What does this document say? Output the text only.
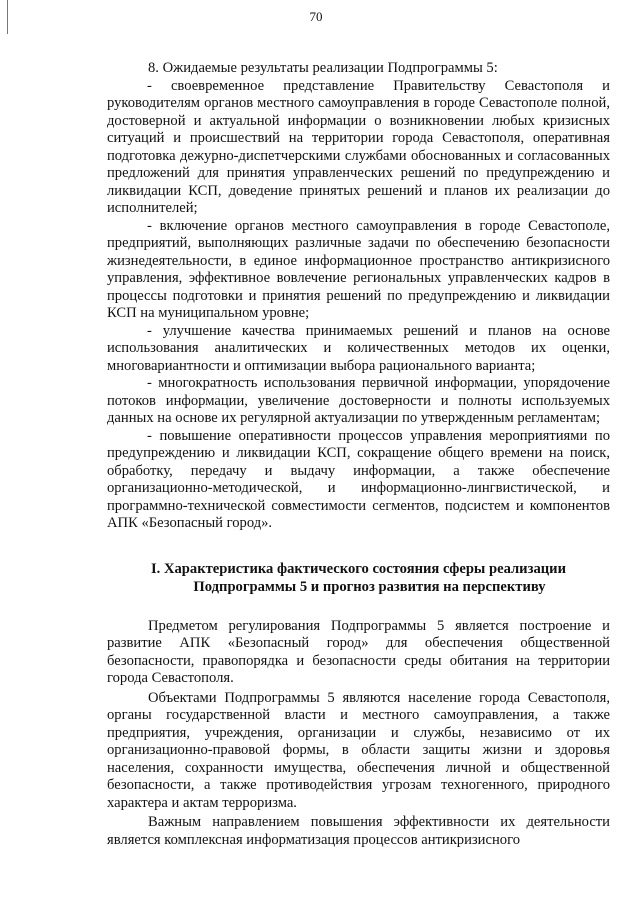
70

8. Ожидаемые результаты реализации Подпрограммы 5:

- своевременное представление Правительству Севастополя и руководителям органов местного самоуправления в городе Севастополе полной, достоверной и актуальной информации о возникновении любых кризисных ситуаций и происшествий на территории города Севастополя, оперативная подготовка дежурно-диспетчерскими службами обоснованных и согласованных предложений для принятия управленческих решений по предупреждению и ликвидации КСП, доведение принятых решений и планов их реализации до исполнителей;

- включение органов местного самоуправления в городе Севастополе, предприятий, выполняющих различные задачи по обеспечению безопасности жизнедеятельности, в единое информационное пространство антикризисного управления, эффективное вовлечение региональных управленческих кадров в процессы подготовки и принятия решений по предупреждению и ликвидации КСП на муниципальном уровне;

- улучшение качества принимаемых решений и планов на основе использования аналитических и количественных методов их оценки, многовариантности и оптимизации выбора рационального варианта;

- многократность использования первичной информации, упорядочение потоков информации, увеличение достоверности и полноты используемых данных на основе их регулярной актуализации по утвержденным регламентам;

- повышение оперативности процессов управления мероприятиями по предупреждению и ликвидации КСП, сокращение общего времени на поиск, обработку, передачу и выдачу информации, а также обеспечение организационно-методической, и информационно-лингвистической, и программно-технической совместимости сегментов, подсистем и компонентов АПК «Безопасный город».

I. Характеристика фактического состояния сферы реализации
Подпрограммы 5 и прогноз развития на перспективу

Предметом регулирования Подпрограммы 5 является построение и развитие АПК «Безопасный город» для обеспечения общественной безопасности, правопорядка и безопасности среды обитания на территории города Севастополя.

Объектами Подпрограммы 5 являются население города Севастополя, органы государственной власти и местного самоуправления, а также предприятия, учреждения, организации и службы, независимо от их организационно-правовой формы, в области защиты жизни и здоровья населения, сохранности имущества, обеспечения личной и общественной безопасности, а также противодействия угрозам техногенного, природного характера и актам терроризма.

Важным направлением повышения эффективности их деятельности является комплексная информатизация процессов антикризисного
